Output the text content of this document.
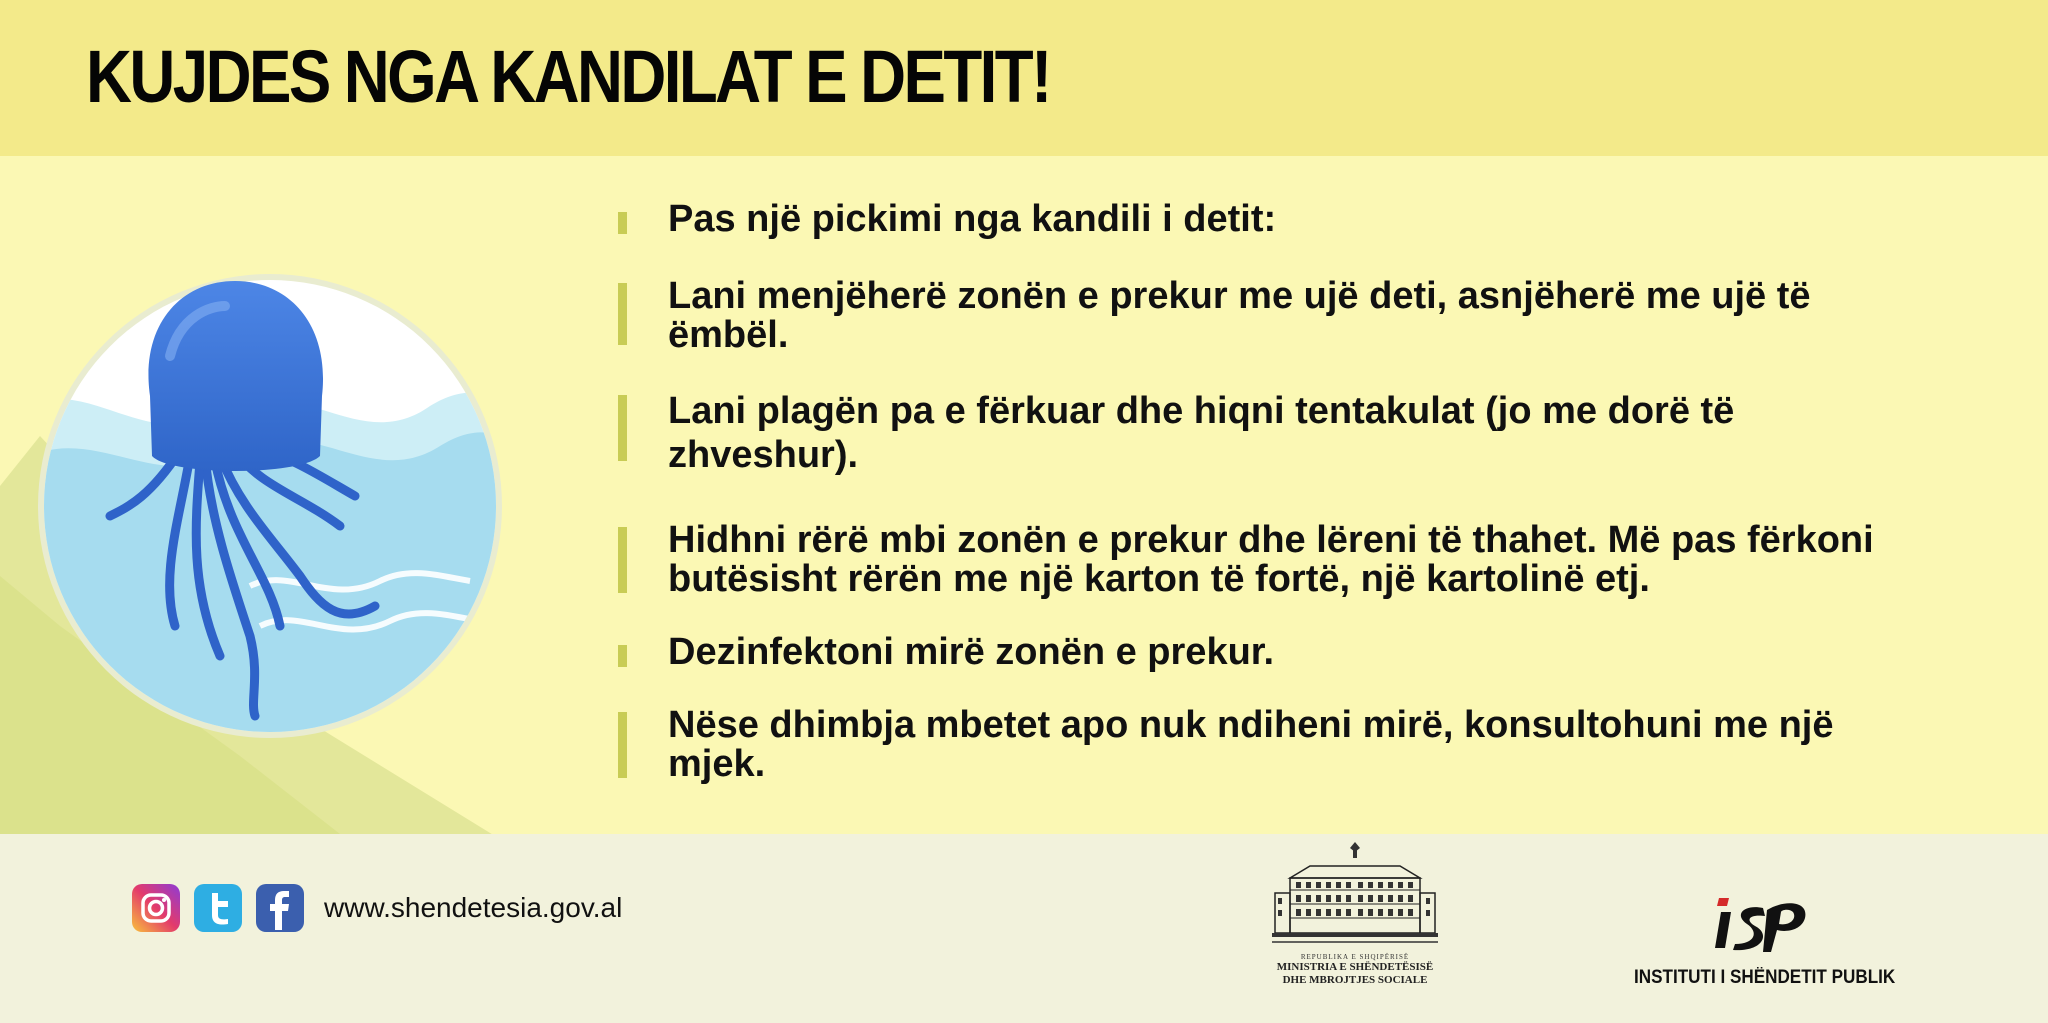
KUJDES NGA KANDILAT E DETIT!
Pas një pickimi nga kandili i detit:
Lani menjëherë zonën e prekur me ujë deti, asnjëherë me ujë të ëmbël.
Lani plagën pa e fërkuar dhe hiqni tentakulat (jo me dorë të zhveshur).
Hidhni rërë mbi zonën e prekur dhe lëreni të thahet. Më pas fërkoni butësisht rërën me një karton të fortë, një kartolinë etj.
Dezinfektoni mirë zonën e prekur.
Nëse dhimbja mbetet apo nuk ndiheni mirë, konsultohuni me një mjek.
www.shendetesia.gov.al
REPUBLIKA E SHQIPËRISË
MINISTRIA E SHËNDETËSISË
DHE MBROJTJES SOCIALE	INSTITUTI I SHËNDETIT PUBLIK
